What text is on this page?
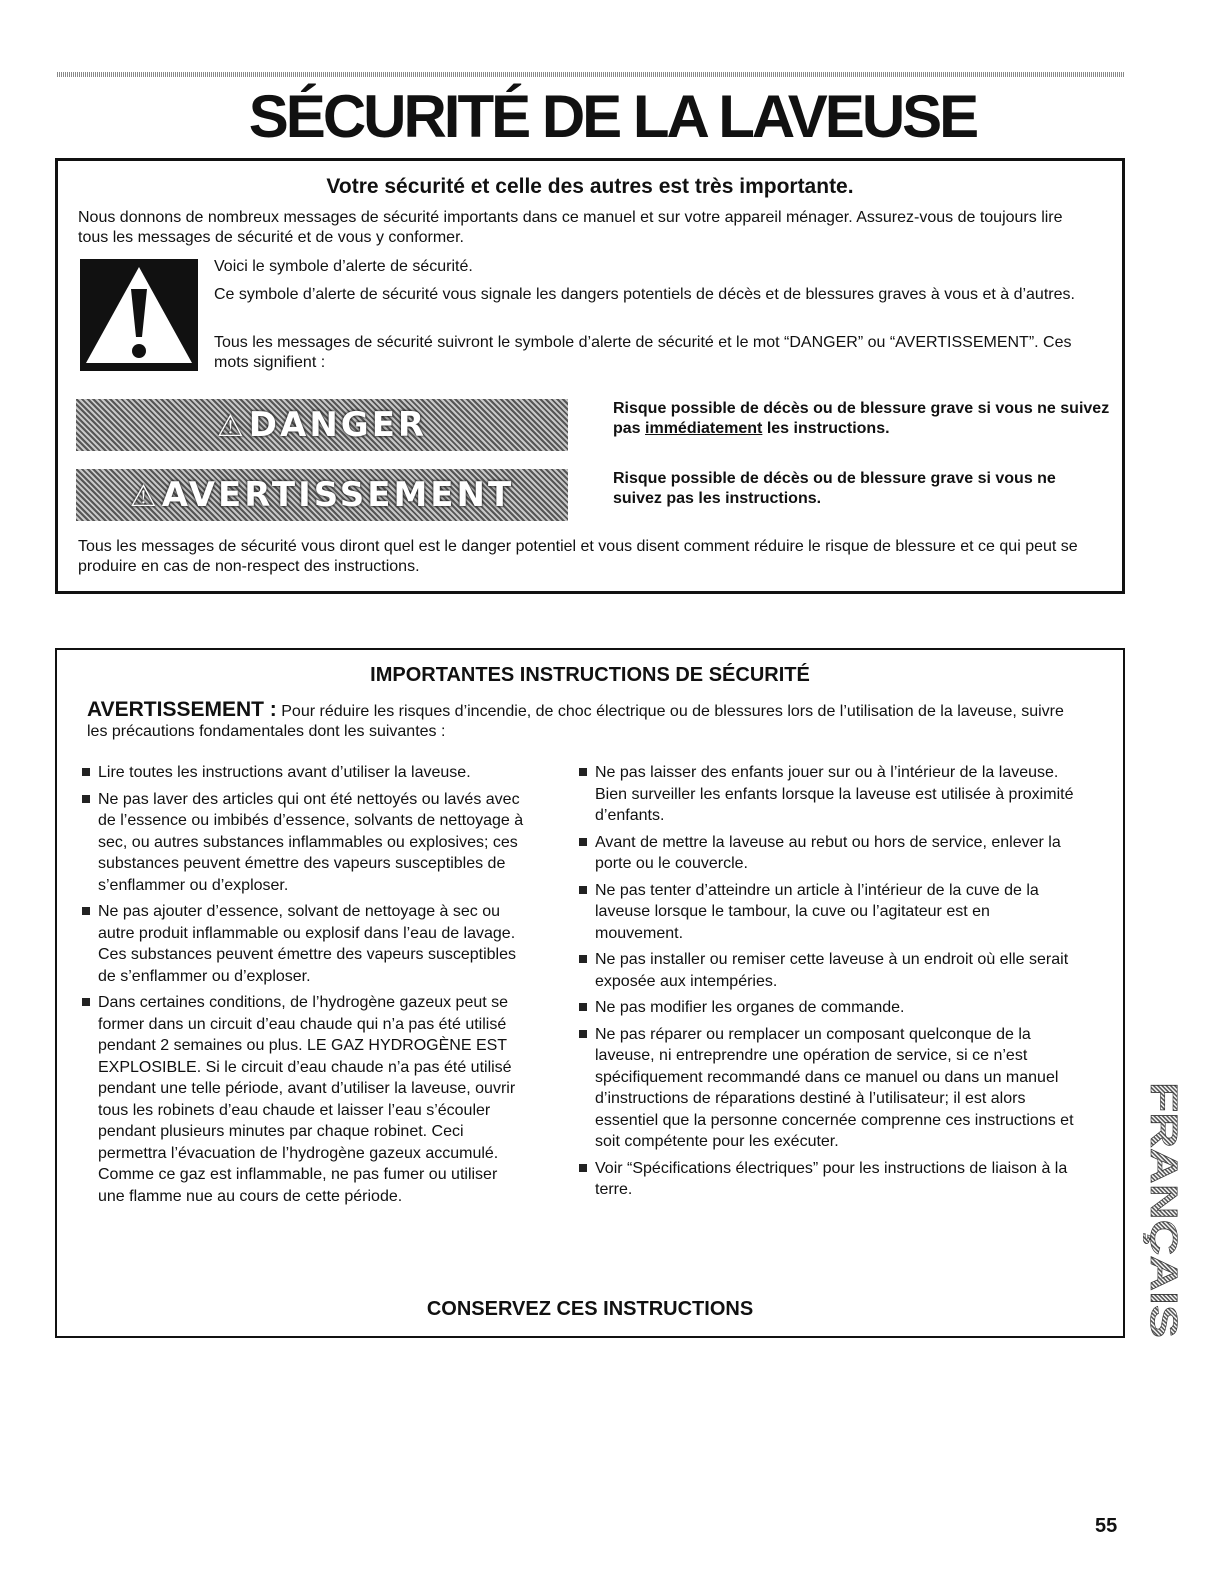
SÉCURITÉ DE LA LAVEUSE
Votre sécurité et celle des autres est très importante.

Nous donnons de nombreux messages de sécurité importants dans ce manuel et sur votre appareil ménager. Assurez-vous de toujours lire tous les messages de sécurité et de vous y conformer.

Voici le symbole d’alerte de sécurité.

Ce symbole d’alerte de sécurité vous signale les dangers potentiels de décès et de blessures graves à vous et à d’autres.

Tous les messages de sécurité suivront le symbole d’alerte de sécurité et le mot “DANGER” ou “AVERTISSEMENT”. Ces mots signifient :

⚠DANGER	Risque possible de décès ou de blessure grave si vous ne suivez pas immédiatement les instructions.

⚠AVERTISSEMENT	Risque possible de décès ou de blessure grave si vous ne suivez pas les instructions.

Tous les messages de sécurité vous diront quel est le danger potentiel et vous disent comment réduire le risque de blessure et ce qui peut se produire en cas de non-respect des instructions.

IMPORTANTES INSTRUCTIONS DE SÉCURITÉ

AVERTISSEMENT : Pour réduire les risques d’incendie, de choc électrique ou de blessures lors de l’utilisation de la laveuse, suivre les précautions fondamentales dont les suivantes :

Lire toutes les instructions avant d’utiliser la laveuse.
Ne pas laver des articles qui ont été nettoyés ou lavés avec de l’essence ou imbibés d’essence, solvants de nettoyage à sec, ou autres substances inflammables ou explosives; ces substances peuvent émettre des vapeurs susceptibles de s’enflammer ou d’exploser.
Ne pas ajouter d’essence, solvant de nettoyage à sec ou autre produit inflammable ou explosif dans l’eau de lavage. Ces substances peuvent émettre des vapeurs susceptibles de s’enflammer ou d’exploser.
Dans certaines conditions, de l’hydrogène gazeux peut se former dans un circuit d’eau chaude qui n’a pas été utilisé pendant 2 semaines ou plus. LE GAZ HYDROGÈNE EST EXPLOSIBLE. Si le circuit d’eau chaude n’a pas été utilisé pendant une telle période, avant d’utiliser la laveuse, ouvrir tous les robinets d’eau chaude et laisser l’eau s’écouler pendant plusieurs minutes par chaque robinet. Ceci permettra l’évacuation de l’hydrogène gazeux accumulé. Comme ce gaz est inflammable, ne pas fumer ou utiliser une flamme nue au cours de cette période.
Ne pas laisser des enfants jouer sur ou à l’intérieur de la laveuse. Bien surveiller les enfants lorsque la laveuse est utilisée à proximité d’enfants.
Avant de mettre la laveuse au rebut ou hors de service, enlever la porte ou le couvercle.
Ne pas tenter d’atteindre un article à l’intérieur de la cuve de la laveuse lorsque le tambour, la cuve ou l’agitateur est en mouvement.
Ne pas installer ou remiser cette laveuse à un endroit où elle serait exposée aux intempéries.
Ne pas modifier les organes de commande.
Ne pas réparer ou remplacer un composant quelconque de la laveuse, ni entreprendre une opération de service, si ce n’est spécifiquement recommandé dans ce manuel ou dans un manuel d’instructions de réparations destiné à l’utilisateur; il est alors essentiel que la personne concernée comprenne ces instructions et soit compétente pour les exécuter.
Voir “Spécifications électriques” pour les instructions de liaison à la terre.
CONSERVEZ CES INSTRUCTIONS
FRANÇAIS

55
